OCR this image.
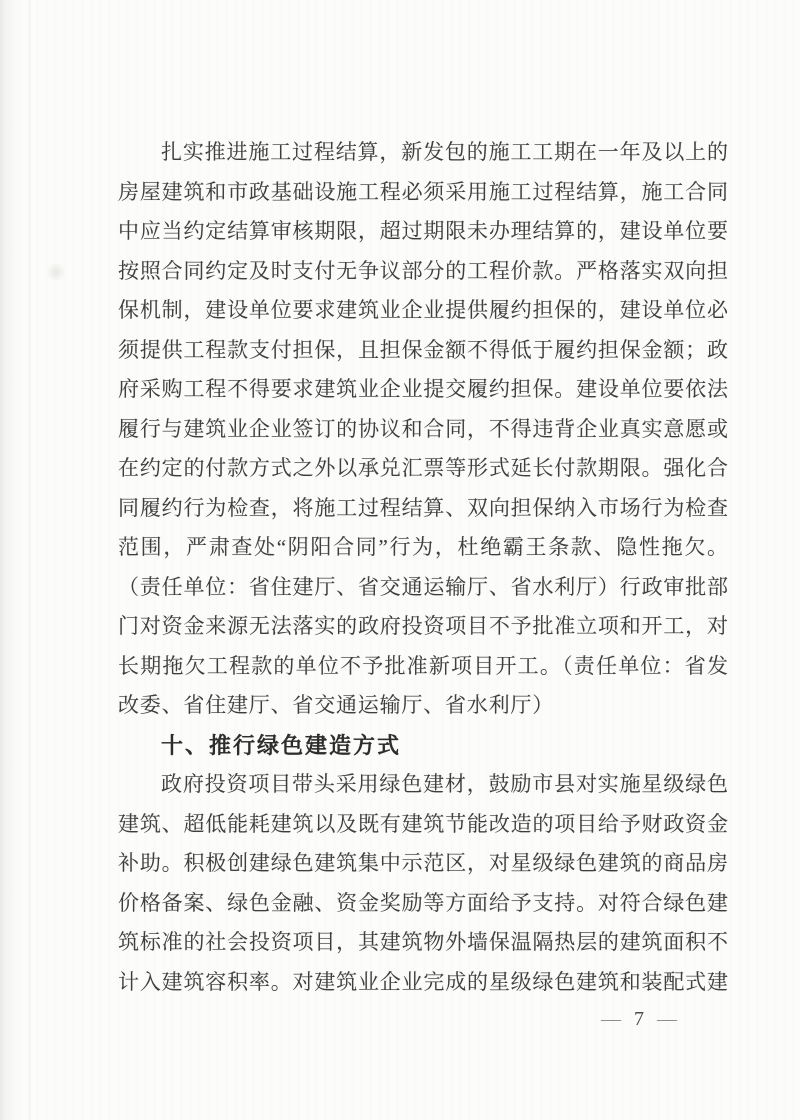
扎实推进施工过程结算，新发包的施工工期在一年及以上的
房屋建筑和市政基础设施工程必须采用施工过程结算，施工合同
中应当约定结算审核期限，超过期限未办理结算的，建设单位要
按照合同约定及时支付无争议部分的工程价款。严格落实双向担
保机制，建设单位要求建筑业企业提供履约担保的，建设单位必
须提供工程款支付担保，且担保金额不得低于履约担保金额；政
府采购工程不得要求建筑业企业提交履约担保。建设单位要依法
履行与建筑业企业签订的协议和合同，不得违背企业真实意愿或
在约定的付款方式之外以承兑汇票等形式延长付款期限。强化合
同履约行为检查，将施工过程结算、双向担保纳入市场行为检查
范围，严肃查处“阴阳合同”行为，杜绝霸王条款、隐性拖欠。
（责任单位：省住建厅、省交通运输厅、省水利厅）行政审批部
门对资金来源无法落实的政府投资项目不予批准立项和开工，对
长期拖欠工程款的单位不予批准新项目开工。（责任单位：省发
改委、省住建厅、省交通运输厅、省水利厅）
十、推行绿色建造方式
政府投资项目带头采用绿色建材，鼓励市县对实施星级绿色
建筑、超低能耗建筑以及既有建筑节能改造的项目给予财政资金
补助。积极创建绿色建筑集中示范区，对星级绿色建筑的商品房
价格备案、绿色金融、资金奖励等方面给予支持。对符合绿色建
筑标准的社会投资项目，其建筑物外墙保温隔热层的建筑面积不
计入建筑容积率。对建筑业企业完成的星级绿色建筑和装配式建
— 7 —
